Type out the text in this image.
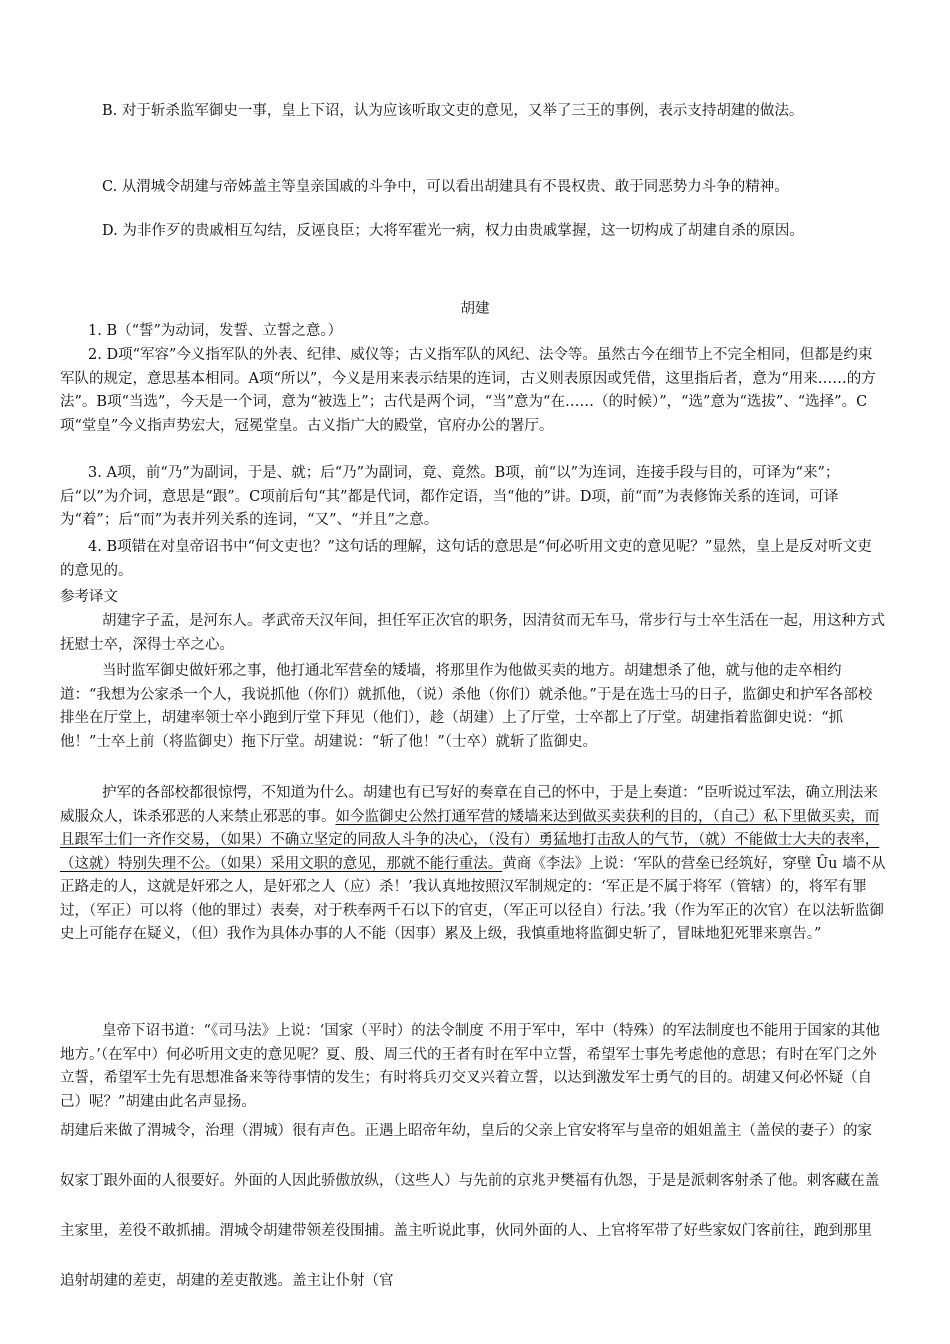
B. 对于斩杀监军御史一事，皇上下诏，认为应该听取文吏的意见，又举了三王的事例，表示支持胡建的做法。

C. 从渭城令胡建与帝姊盖主等皇亲国戚的斗争中，可以看出胡建具有不畏权贵、敢于同恶势力斗争的精神。

D. 为非作歹的贵戚相互勾结，反诬良臣；大将军霍光一病，权力由贵戚掌握，这一切构成了胡建自杀的原因。

胡建

1. B（“誓”为动词，发誓、立誓之意。）

2. D项“军容”今义指军队的外表、纪律、威仪等；古义指军队的风纪、法令等。虽然古今在细节上不完全相同，但都是约束军队的规定，意思基本相同。A项“所以”，今义是用来表示结果的连词，古义则表原因或凭借，这里指后者，意为“用来……的方法”。B项“当选”，今天是一个词，意为“被选上”；古代是两个词，“当”意为“在……（的时候）”，“选”意为“选拔”、“选择”。C项“堂皇”今义指声势宏大，冠冕堂皇。古义指广大的殿堂，官府办公的署厅。

3. A项，前“乃”为副词，于是、就；后“乃”为副词，竟、竟然。B项，前“以”为连词，连接手段与目的，可译为“来”；后“以”为介词，意思是“跟”。C项前后句“其”都是代词，都作定语，当“他的”讲。D项，前“而”为表修饰关系的连词，可译为“着”；后“而”为表并列关系的连词，“又”、“并且”之意。

4. B项错在对皇帝诏书中“何文吏也？”这句话的理解，这句话的意思是“何必听用文吏的意见呢？”显然，皇上是反对听文吏的意见的。

参考译文

胡建字子孟，是河东人。孝武帝天汉年间，担任军正次官的职务，因清贫而无车马，常步行与士卒生活在一起，用这种方式抚慰士卒，深得士卒之心。

当时监军御史做奸邪之事，他打通北军营垒的矮墙，将那里作为他做买卖的地方。胡建想杀了他，就与他的走卒相约道：“我想为公家杀一个人，我说抓他（你们）就抓他，（说）杀他（你们）就杀他。”于是在选士马的日子，监御史和护军各部校排坐在厅堂上，胡建率领士卒小跑到厅堂下拜见（他们），趁（胡建）上了厅堂，士卒都上了厅堂。胡建指着监御史说：“抓他！”士卒上前（将监御史）拖下厅堂。胡建说：“斩了他！”（士卒）就斩了监御史。

护军的各部校都很惊愕，不知道为什么。胡建也有已写好的奏章在自己的怀中，于是上奏道：“臣听说过军法，确立刑法来威服众人，诛杀邪恶的人来禁止邪恶的事。如今监御史公然打通军营的矮墙来达到做买卖获利的目的，（自己）私下里做买卖，而且跟军士们一齐作交易，（如果）不确立坚定的同敌人斗争的决心，（没有）勇猛地打击敌人的气节，（就）不能做士大夫的表率，（这就）特别失理不公。（如果）采用文职的意见，那就不能行重法。黄商《李法》上说：‘军队的营垒已经筑好，穿壁 Ûu 墙不从正路走的人，这就是奸邪之人，是奸邪之人（应）杀！’我认真地按照汉军制规定的：‘军正是不属于将军（管辖）的，将军有罪过，（军正）可以将（他的罪过）表奏，对于秩奉两千石以下的官吏，（军正可以径自）行法。’我（作为军正的次官）在以法斩监御史上可能存在疑义，（但）我作为具体办事的人不能（因事）累及上级，我慎重地将监御史斩了，冒昧地犯死罪来禀告。”

皇帝下诏书道：“《司马法》上说：‘国家（平时）的法令制度 不用于军中，军中（特殊）的军法制度也不能用于国家的其他地方。’（在军中）何必听用文吏的意见呢？夏、殷、周三代的王者有时在军中立誓，希望军士事先考虑他的意思；有时在军门之外立誓，希望军士先有思想准备来等待事情的发生；有时将兵刃交叉兴着立誓，以达到激发军士勇气的目的。胡建又何必怀疑（自己）呢？”胡建由此名声显扬。

胡建后来做了渭城令，治理（渭城）很有声色。正遇上昭帝年幼，皇后的父亲上官安将军与皇帝的姐姐盖主（盖侯的妻子）的家奴家丁跟外面的人很要好。外面的人因此骄傲放纵，（这些人）与先前的京兆尹樊福有仇怨，于是是派刺客射杀了他。刺客藏在盖主家里，差役不敢抓捕。渭城令胡建带领差役围捕。盖主听说此事，伙同外面的人、上官将军带了好些家奴门客前往，跑到那里追射胡建的差吏，胡建的差吏散逃。盖主让仆射（官
